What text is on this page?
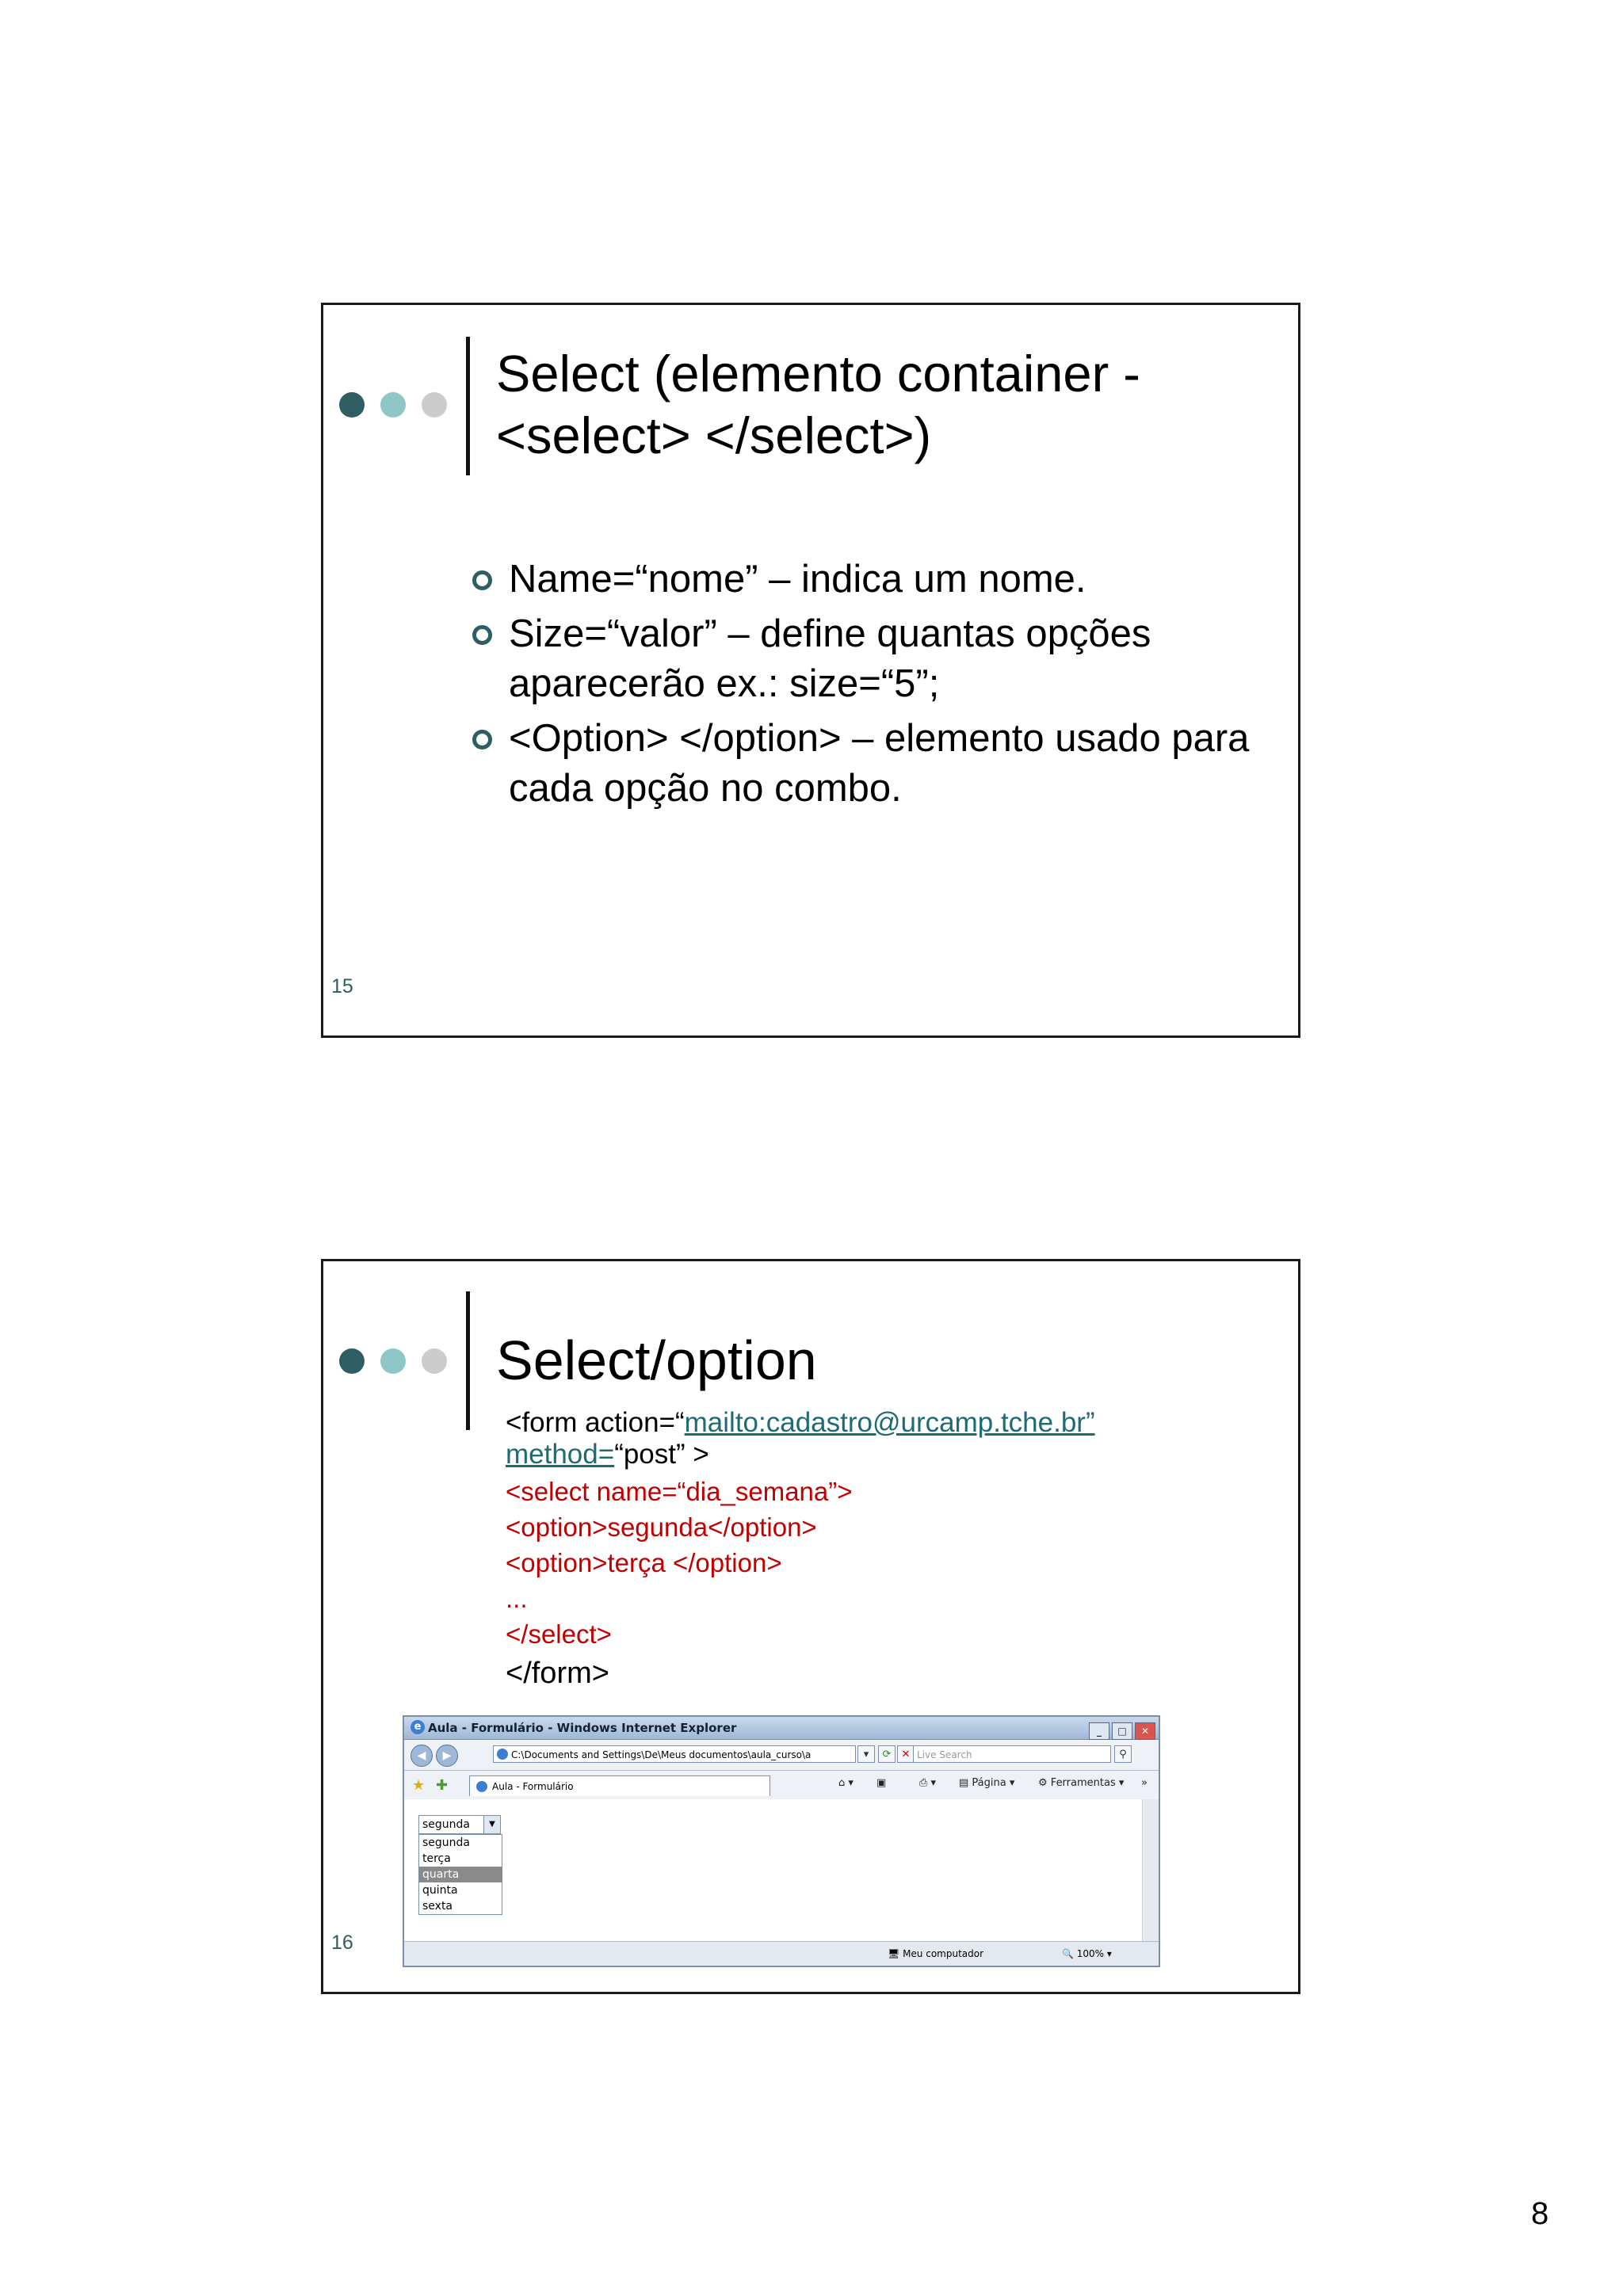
Select (elemento container -
<select> </select>)
Name=“nome” – indica um nome.
Size=“valor” – define quantas opções aparecerão ex.: size=“5”;
<Option> </option> – elemento usado para cada opção no combo.
15
Select/option
<form action=“mailto:cadastro@urcamp.tche.br”
method=“post” >
<select name=“dia_semana”>
<option>segunda</option>
<option>terça </option>
...
</select>
</form>
e Aula - Formulário - Windows Internet Explorer	_ □ ✕
◀	▶	C:\Documents and Settings\De\Meus documentos\aula_curso\a	▾	⟳	✕ Live Search	⚲
★ ✚	Aula - Formulário	⌂ ▾ ▣	⎙ ▾ ▤ Página ▾ ⚙ Ferramentas ▾ »
segunda	▼
segunda
terça
quarta
quinta
sexta
🖥 Meu computador	🔍 100% ▾
16
8
